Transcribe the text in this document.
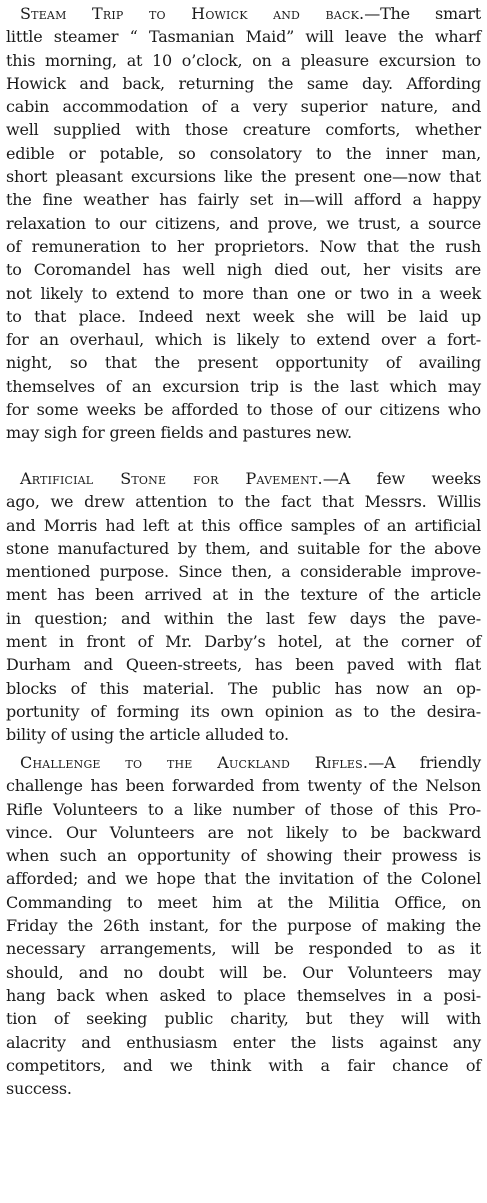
Steam Trip to Howick and back.—The smart
little steamer “ Tasmanian Maid” will leave the wharf
this morning, at 10 o’clock, on a pleasure excursion to
Howick and back, returning the same day. Affording
cabin accommodation of a very superior nature, and
well supplied with those creature comforts, whether
edible or potable, so consolatory to the inner man,
short pleasant excursions like the present one—now that
the fine weather has fairly set in—will afford a happy
relaxation to our citizens, and prove, we trust, a source
of remuneration to her proprietors. Now that the rush
to Coromandel has well nigh died out, her visits are
not likely to extend to more than one or two in a week
to that place. Indeed next week she will be laid up
for an overhaul, which is likely to extend over a fort-
night, so that the present opportunity of availing
themselves of an excursion trip is the last which may
for some weeks be afforded to those of our citizens who
may sigh for green fields and pastures new.
Artificial Stone for Pavement.—A few weeks
ago, we drew attention to the fact that Messrs. Willis
and Morris had left at this office samples of an artificial
stone manufactured by them, and suitable for the above
mentioned purpose. Since then, a considerable improve-
ment has been arrived at in the texture of the article
in question; and within the last few days the pave-
ment in front of Mr. Darby’s hotel, at the corner of
Durham and Queen-streets, has been paved with flat
blocks of this material. The public has now an op-
portunity of forming its own opinion as to the desira-
bility of using the article alluded to.
Challenge to the Auckland Rifles.—A friendly
challenge has been forwarded from twenty of the Nelson
Rifle Volunteers to a like number of those of this Pro-
vince. Our Volunteers are not likely to be backward
when such an opportunity of showing their prowess is
afforded; and we hope that the invitation of the Colonel
Commanding to meet him at the Militia Office, on
Friday the 26th instant, for the purpose of making the
necessary arrangements, will be responded to as it
should, and no doubt will be. Our Volunteers may
hang back when asked to place themselves in a posi-
tion of seeking public charity, but they will with
alacrity and enthusiasm enter the lists against any
competitors, and we think with a fair chance of
success.
